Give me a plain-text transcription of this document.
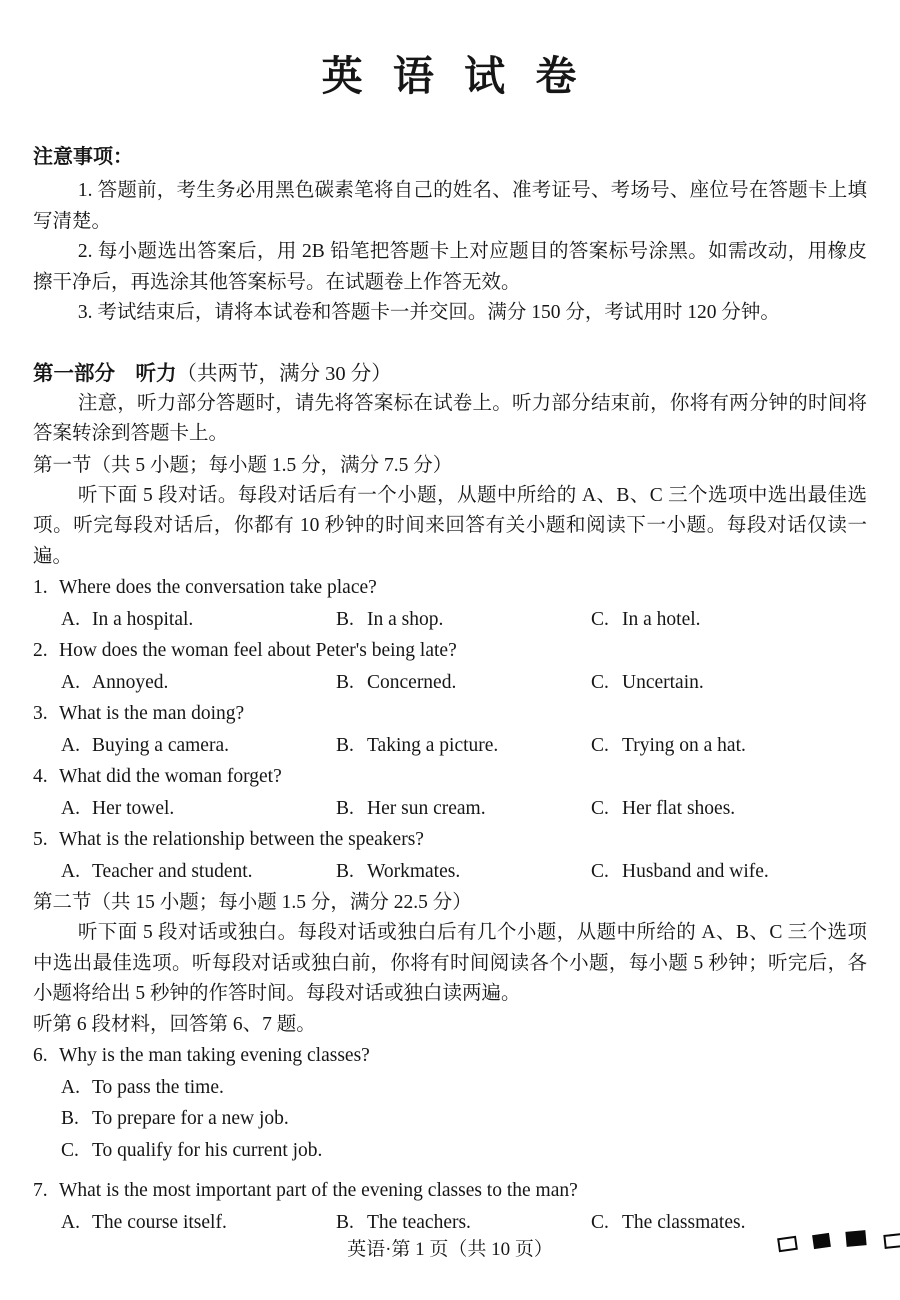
英 语 试 卷
注意事项：

1. 答题前，考生务必用黑色碳素笔将自己的姓名、准考证号、考场号、座位号在答题卡上填写清楚。

2. 每小题选出答案后，用 2B 铅笔把答题卡上对应题目的答案标号涂黑。如需改动，用橡皮擦干净后，再选涂其他答案标号。在试题卷上作答无效。

3. 考试结束后，请将本试卷和答题卡一并交回。满分 150 分，考试用时 120 分钟。

第一部分　听力（共两节，满分 30 分）

注意，听力部分答题时，请先将答案标在试卷上。听力部分结束前，你将有两分钟的时间将答案转涂到答题卡上。

第一节（共 5 小题；每小题 1.5 分，满分 7.5 分）

听下面 5 段对话。每段对话后有一个小题，从题中所给的 A、B、C 三个选项中选出最佳选项。听完每段对话后，你都有 10 秒钟的时间来回答有关小题和阅读下一小题。每段对话仅读一遍。

1. Where does the conversation take place?
A. In a hospital.	B. In a shop.	C. In a hotel.
2. How does the woman feel about Peter's being late?
A. Annoyed.	B. Concerned.	C. Uncertain.
3. What is the man doing?
A. Buying a camera.	B. Taking a picture.	C. Trying on a hat.
4. What did the woman forget?
A. Her towel.	B. Her sun cream.	C. Her flat shoes.
5. What is the relationship between the speakers?
A. Teacher and student.	B. Workmates.	C. Husband and wife.
第二节（共 15 小题；每小题 1.5 分，满分 22.5 分）

听下面 5 段对话或独白。每段对话或独白后有几个小题，从题中所给的 A、B、C 三个选项中选出最佳选项。听每段对话或独白前，你将有时间阅读各个小题，每小题 5 秒钟；听完后，各小题将给出 5 秒钟的作答时间。每段对话或独白读两遍。

听第 6 段材料，回答第 6、7 题。
6. Why is the man taking evening classes?
A. To pass the time.
B. To prepare for a new job.
C. To qualify for his current job.
7. What is the most important part of the evening classes to the man?
A. The course itself.	B. The teachers.	C. The classmates.
英语·第 1 页（共 10 页）
